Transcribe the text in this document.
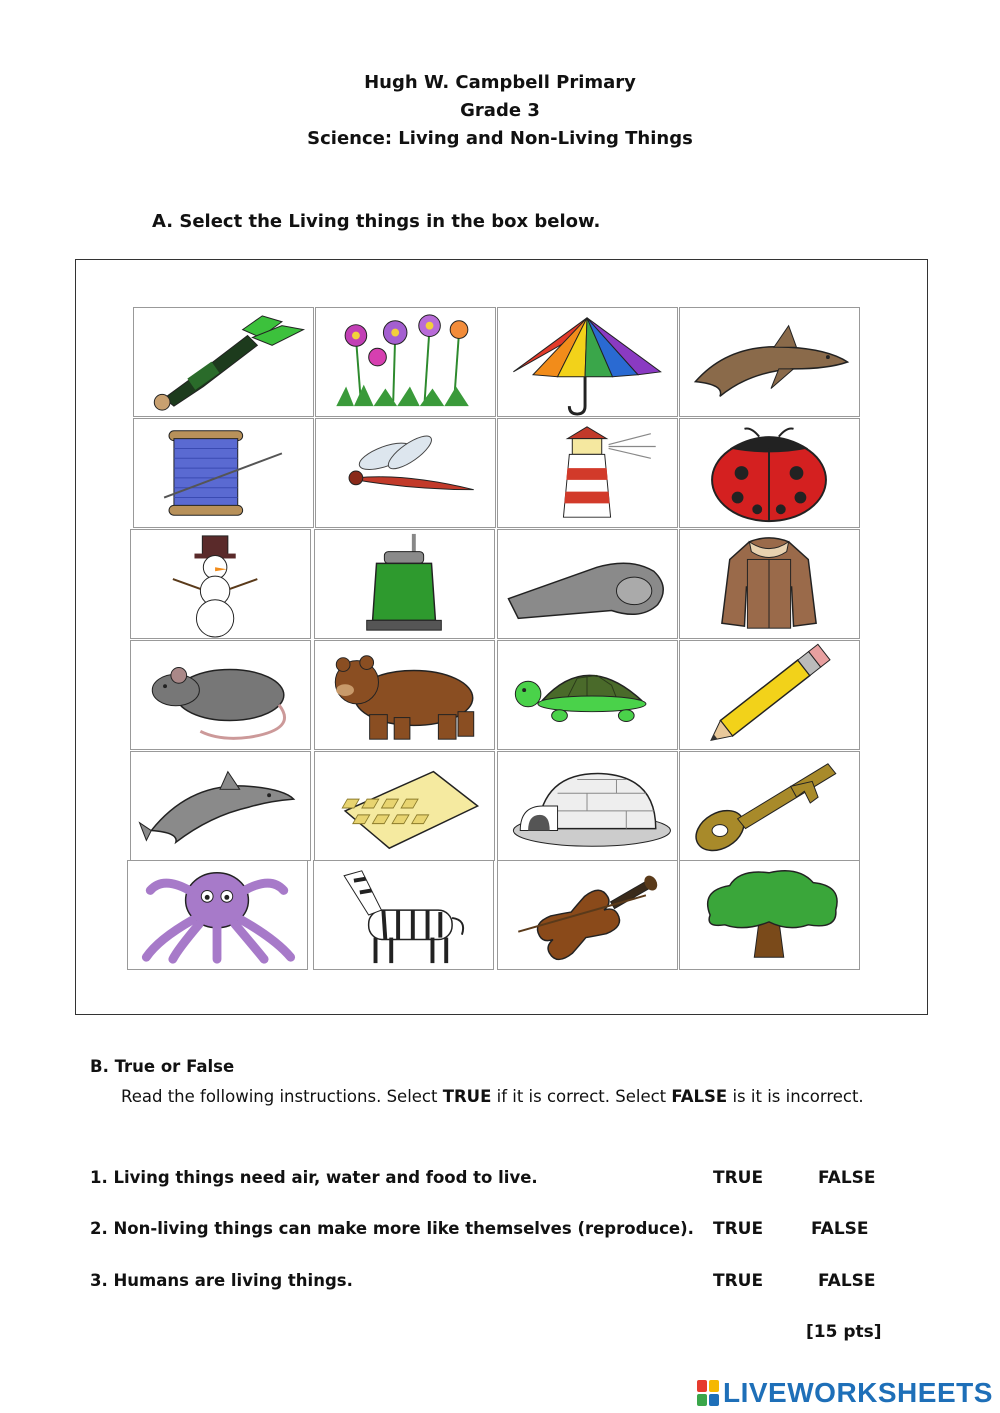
Hugh W. Campbell Primary
Grade 3
Science: Living and Non-Living Things
A. Select the Living things in the box below.
B. True or False
Read the following instructions. Select TRUE if it is correct. Select FALSE is it is incorrect.
1. Living things need air, water and food to live.	TRUE	FALSE
2. Non-living things can make more like themselves (reproduce). TRUE	FALSE
3. Humans are living things.	TRUE	FALSE
[15 pts]
LIVEWORKSHEETS
